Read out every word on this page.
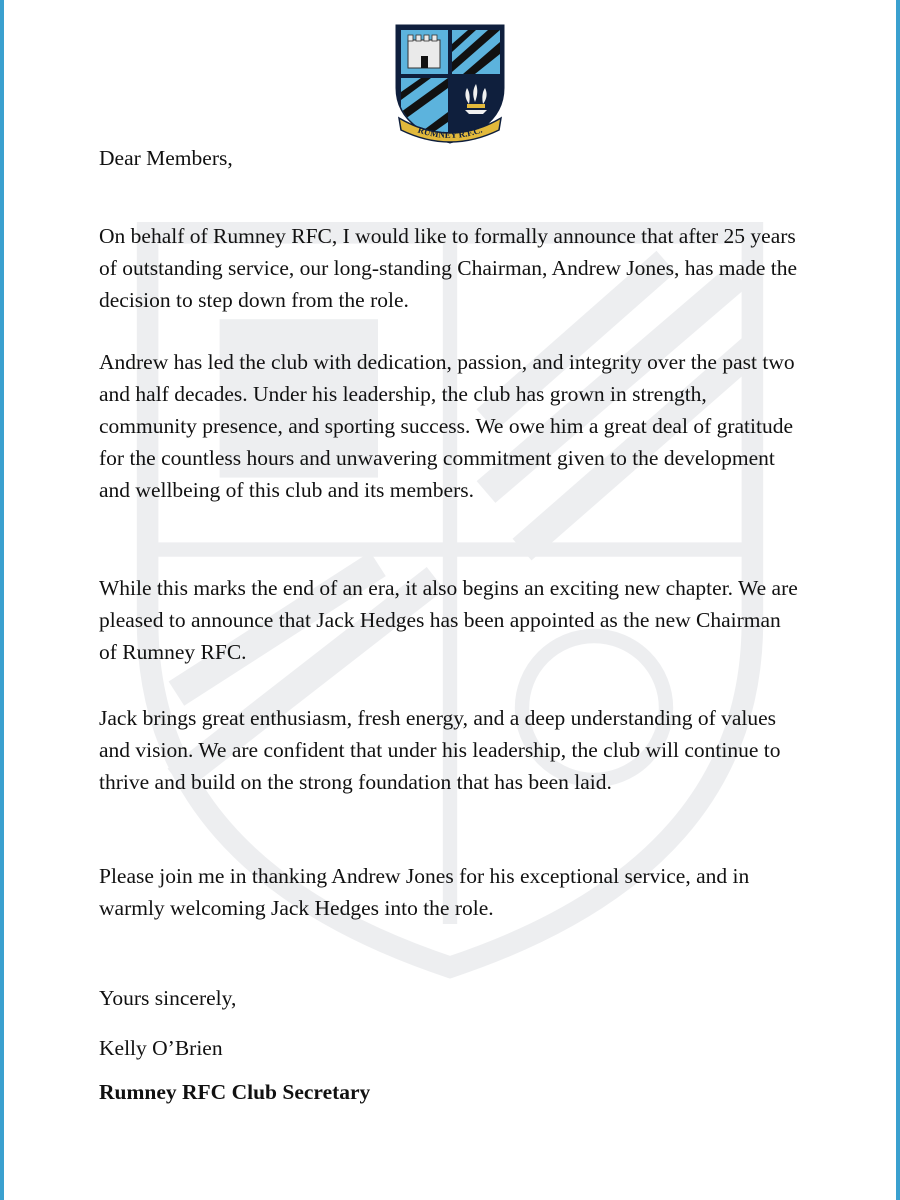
RUMNEY R.F.C.

Dear Members,

On behalf of Rumney RFC, I would like to formally announce that after 25 years of outstanding service, our long-standing Chairman, Andrew Jones, has made the decision to step down from the role.

Andrew has led the club with dedication, passion, and integrity over the past two and half decades. Under his leadership, the club has grown in strength, community presence, and sporting success. We owe him a great deal of gratitude for the countless hours and unwavering commitment given to the development and wellbeing of this club and its members.

While this marks the end of an era, it also begins an exciting new chapter. We are pleased to announce that Jack Hedges has been appointed as the new Chairman of Rumney RFC.

Jack brings great enthusiasm, fresh energy, and a deep understanding of values and vision. We are confident that under his leadership, the club will continue to thrive and build on the strong foundation that has been laid.

Please join me in thanking Andrew Jones for his exceptional service, and in warmly welcoming Jack Hedges into the role.

Yours sincerely,

Kelly O’Brien

Rumney RFC Club Secretary
